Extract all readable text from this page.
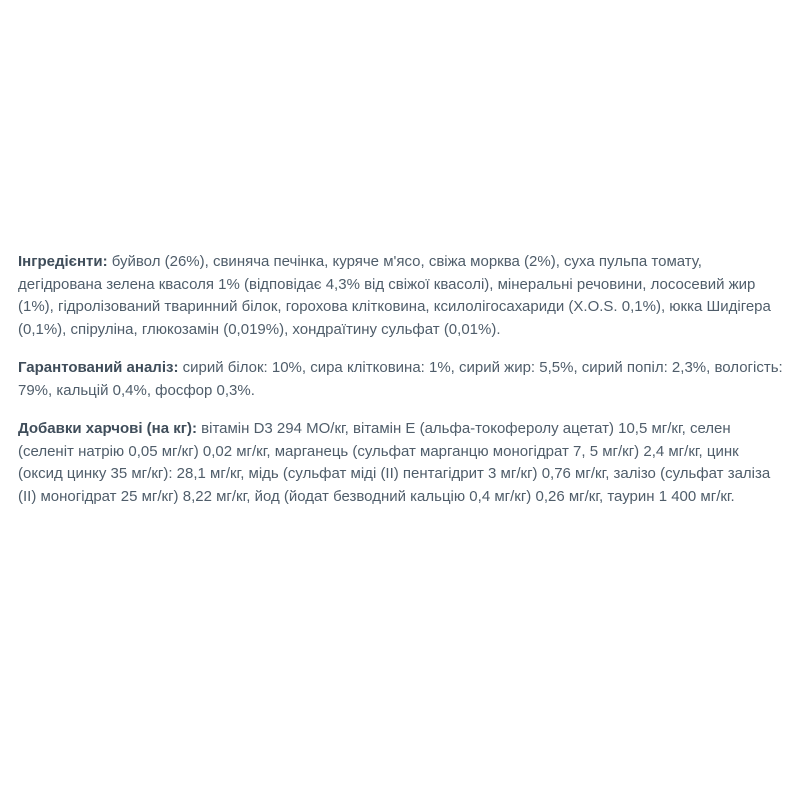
Інгредієнти: буйвол (26%), свиняча печінка, куряче м'ясо, свіжа морква (2%), суха пульпа томату, дегідрована зелена квасоля 1% (відповідає 4,3% від свіжої квасолі), мінеральні речовини, лососевий жир (1%), гідролізований тваринний білок, горохова клітковина, ксилолігосахариди (X.O.S. 0,1%), юкка Шидігера (0,1%), спіруліна, глюкозамін (0,019%), хондраїтину сульфат (0,01%).

Гарантований аналіз: сирий білок: 10%, сира клітковина: 1%, сирий жир: 5,5%, сирий попіл: 2,3%, вологість: 79%, кальцій 0,4%, фосфор 0,3%.

Добавки харчові (на кг): вітамін D3 294 МО/кг, вітамін Е (альфа-токоферолу ацетат) 10,5 мг/кг, селен (селеніт натрію 0,05 мг/кг) 0,02 мг/кг, марганець (сульфат марганцю моногідрат 7, 5 мг/кг) 2,4 мг/кг, цинк (оксид цинку 35 мг/кг): 28,1 мг/кг, мідь (сульфат міді (II) пентагідрит 3 мг/кг) 0,76 мг/кг, залізо (сульфат заліза (II) моногідрат 25 мг/кг) 8,22 мг/кг, йод (йодат безводний кальцію 0,4 мг/кг) 0,26 мг/кг, таурин 1 400 мг/кг.
